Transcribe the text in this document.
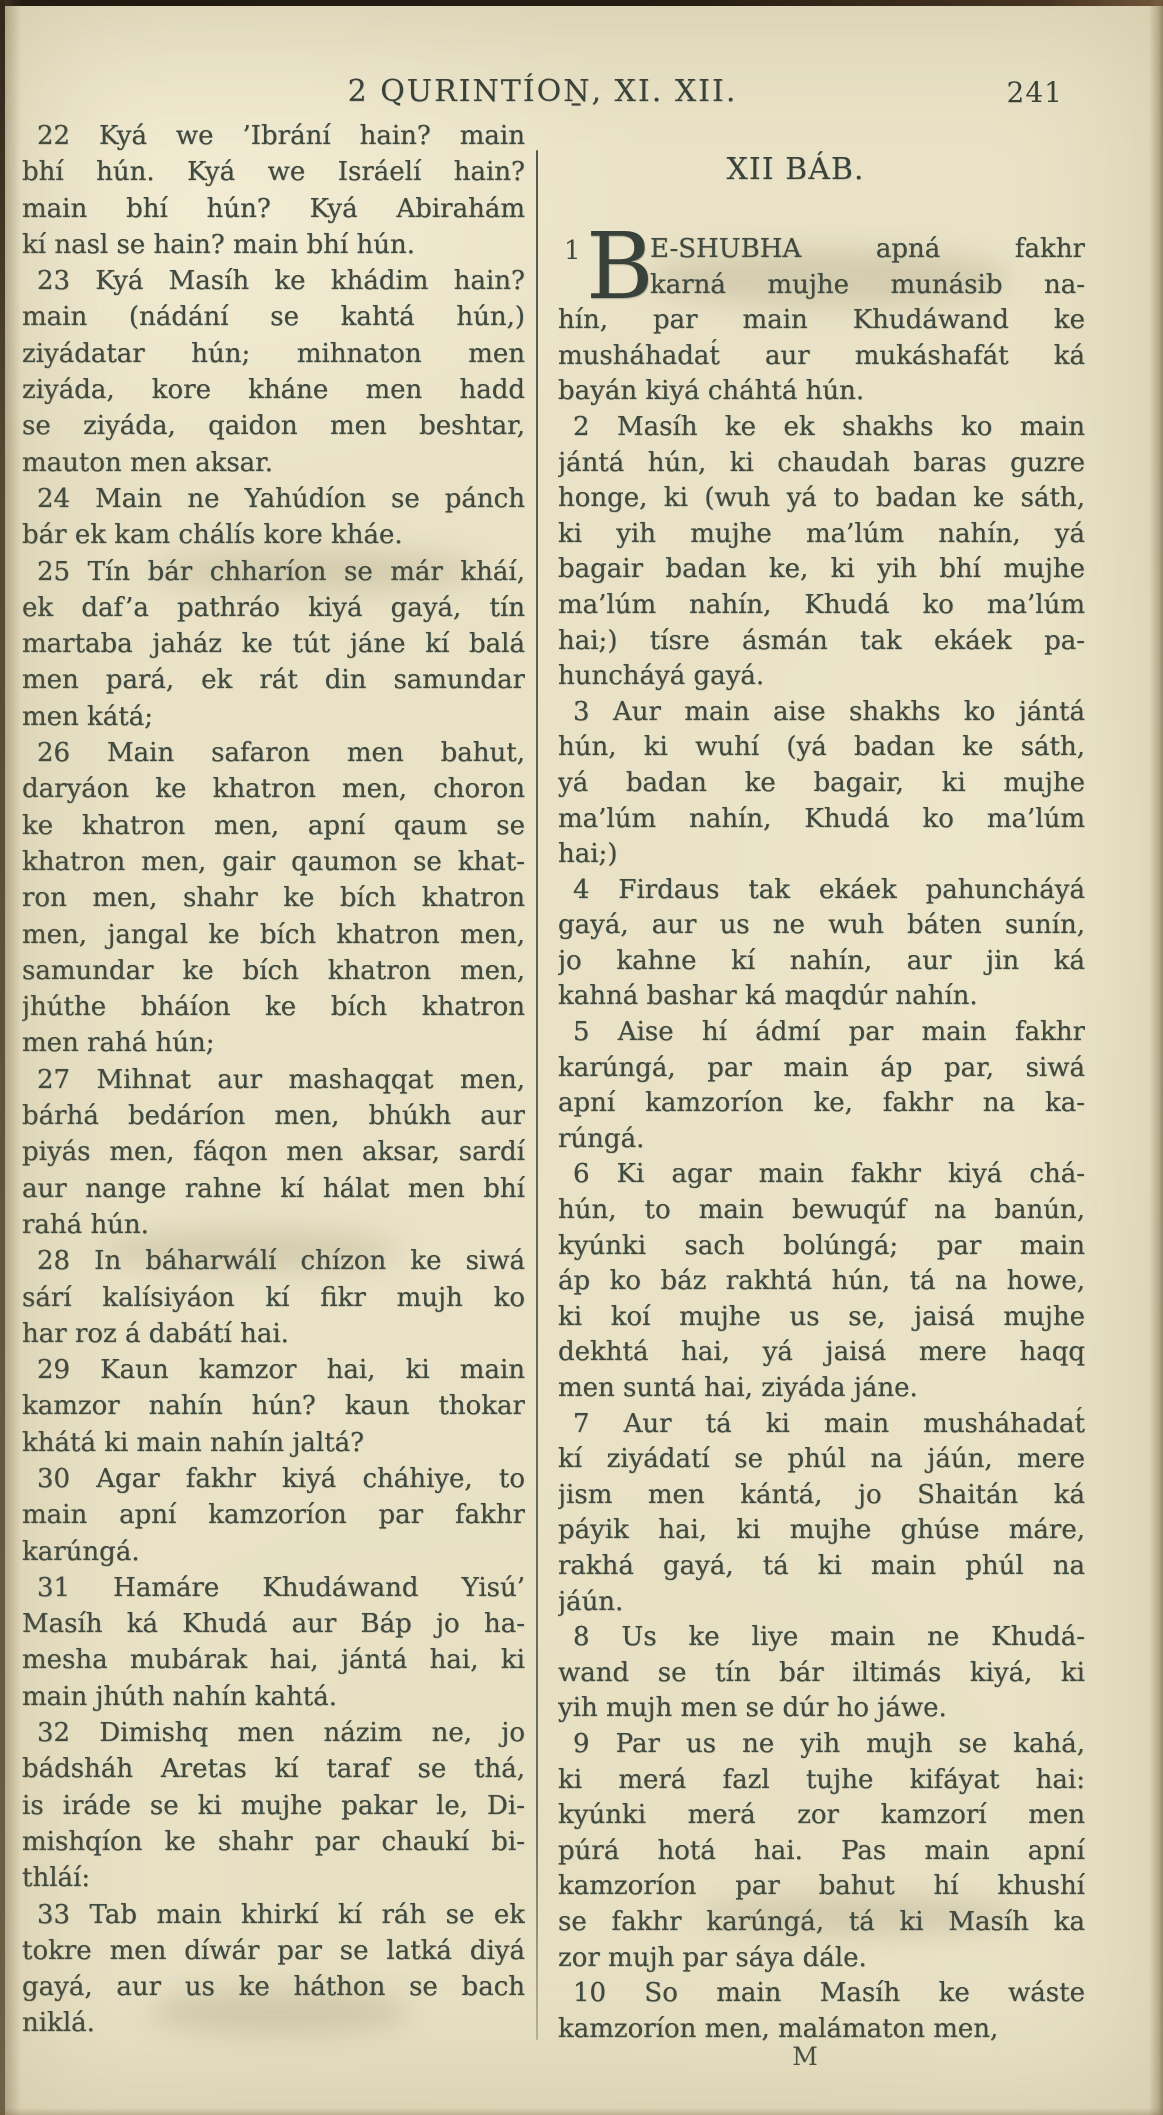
2 QURINTÍOṈ, XI. XII.	241
22 Kyá we ’Ibrání hain? main
bhí hún. Kyá we Isráelí hain?
main bhí hún? Kyá Abirahám
kí nasl se hain? main bhí hún.
23 Kyá Masíh ke khádim hain?
main (nádání se kahtá hún,)
ziyádatar hún; mihnaton men
ziyáda, kore kháne men hadd
se ziyáda, qaidon men beshtar,
mauton men aksar.
24 Main ne Yahúdíon se pánch
bár ek kam chálís kore kháe.
25 Tín bár chharíon se már kháí,
ek daf’a pathráo kiyá gayá, tín
martaba jaház ke tút jáne kí balá
men pará, ek rát din samundar
men kátá;
26 Main safaron men bahut,
daryáon ke khatron men, choron
ke khatron men, apní qaum se
khatron men, gair qaumon se khat-
ron men, shahr ke bích khatron
men, jangal ke bích khatron men,
samundar ke bích khatron men,
jhúthe bháíon ke bích khatron
men rahá hún;
27 Mihnat aur mashaqqat men,
bárhá bedáríon men, bhúkh aur
piyás men, fáqon men aksar, sardí
aur nange rahne kí hálat men bhí
rahá hún.
28 In báharwálí chízon ke siwá
sárí kalísiyáon kí fikr mujh ko
har roz á dabátí hai.
29 Kaun kamzor hai, ki main
kamzor nahín hún? kaun thokar
khátá ki main nahín jaltá?
30 Agar fakhr kiyá cháhiye, to
main apní kamzoríon par fakhr
karúngá.
31 Hamáre Khudáwand Yisú’
Masíh ká Khudá aur Báp jo ha-
mesha mubárak hai, jántá hai, ki
main jhúth nahín kahtá.
32 Dimishq men názim ne, jo
bádsháh Aretas kí taraf se thá,
is iráde se ki mujhe pakar le, Di-
mishqíon ke shahr par chaukí bi-
thláí:
33 Tab main khirkí kí ráh se ek
tokre men díwár par se latká diyá
gayá, aur us ke háthon se bach
niklá.
XII BÁB.
1 B
E-SHUBHA apná fakhr
karná mujhe munásib na-
hín, par main Khudáwand ke
musháhadat́ aur mukáshafát ká
bayán kiyá cháhtá hún.
2 Masíh ke ek shakhs ko main
jántá hún, ki chaudah baras guzre
honge, ki (wuh yá to badan ke sáth,
ki yih mujhe ma’lúm nahín, yá
bagair badan ke, ki yih bhí mujhe
ma’lúm nahín, Khudá ko ma’lúm
hai;) tísre ásmán tak ekáek pa-
huncháyá gayá.
3 Aur main aise shakhs ko jántá
hún, ki wuhí (yá badan ke sáth,
yá badan ke bagair, ki mujhe
ma’lúm nahín, Khudá ko ma’lúm
hai;)
4 Firdaus tak ekáek pahuncháyá
gayá, aur us ne wuh báten sunín,
jo kahne kí nahín, aur jin ká
kahná bashar ká maqdúr nahín.
5 Aise hí ádmí par main fakhr
karúngá, par main áp par, siwá
apní kamzoríon ke, fakhr na ka-
rúngá.
6 Ki agar main fakhr kiyá chá-
hún, to main bewuqúf na banún,
kyúnki sach bolúngá; par main
áp ko báz rakhtá hún, tá na howe,
ki koí mujhe us se, jaisá mujhe
dekhtá hai, yá jaisá mere haqq
men suntá hai, ziyáda jáne.
7 Aur tá ki main musháhadat́
kí ziyádatí se phúl na jáún, mere
jism men kántá, jo Shaitán ká
páyik hai, ki mujhe ghúse máre,
rakhá gayá, tá ki main phúl na
jáún.
8 Us ke liye main ne Khudá-
wand se tín bár iltimás kiyá, ki
yih mujh men se dúr ho jáwe.
9 Par us ne yih mujh se kahá,
ki merá fazl tujhe kifáyat hai:
kyúnki merá zor kamzorí men
púrá hotá hai. Pas main apní
kamzoríon par bahut hí khushí
se fakhr karúngá, tá ki Masíh ka
zor mujh par sáya dále.
10 So main Masíh ke wáste
kamzoríon men, malámaton men,
M
